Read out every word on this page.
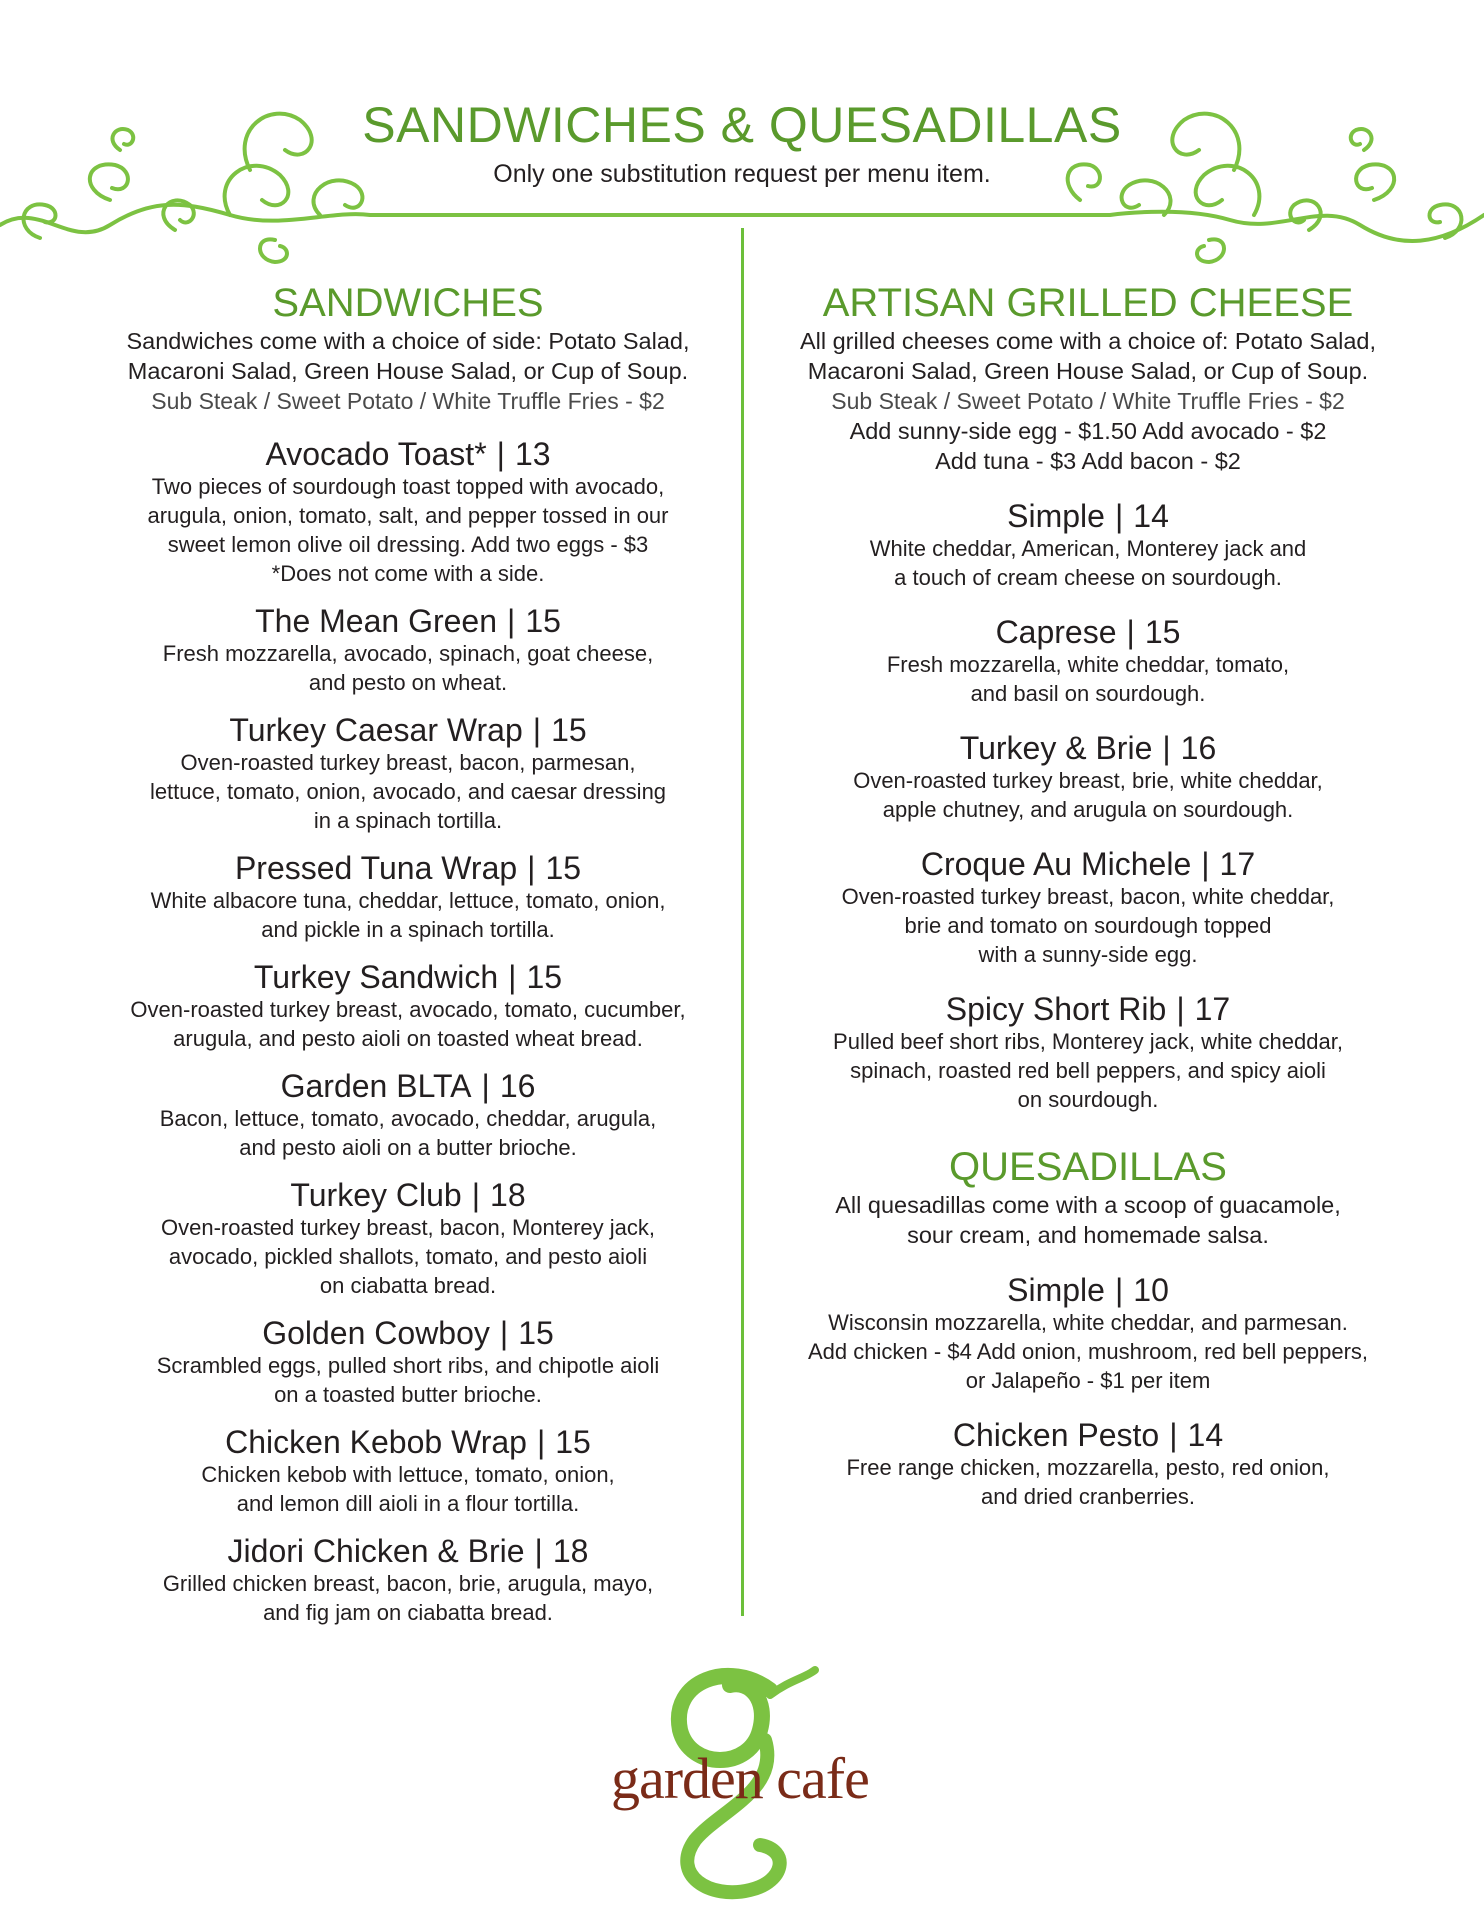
SANDWICHES & QUESADILLAS
Only one substitution request per menu item.
SANDWICHES
Sandwiches come with a choice of side: Potato Salad,
Macaroni Salad, Green House Salad, or Cup of Soup.
Sub Steak / Sweet Potato / White Truffle Fries - $2
Avocado Toast* | 13
Two pieces of sourdough toast topped with avocado,
arugula, onion, tomato, salt, and pepper tossed in our
sweet lemon olive oil dressing. Add two eggs - $3
*Does not come with a side.
The Mean Green | 15
Fresh mozzarella, avocado, spinach, goat cheese,
and pesto on wheat.
Turkey Caesar Wrap | 15
Oven-roasted turkey breast, bacon, parmesan,
lettuce, tomato, onion, avocado, and caesar dressing
in a spinach tortilla.
Pressed Tuna Wrap | 15
White albacore tuna, cheddar, lettuce, tomato, onion,
and pickle in a spinach tortilla.
Turkey Sandwich | 15
Oven-roasted turkey breast, avocado, tomato, cucumber,
arugula, and pesto aioli on toasted wheat bread.
Garden BLTA | 16
Bacon, lettuce, tomato, avocado, cheddar, arugula,
and pesto aioli on a butter brioche.
Turkey Club | 18
Oven-roasted turkey breast, bacon, Monterey jack,
avocado, pickled shallots, tomato, and pesto aioli
on ciabatta bread.
Golden Cowboy | 15
Scrambled eggs, pulled short ribs, and chipotle aioli
on a toasted butter brioche.
Chicken Kebob Wrap | 15
Chicken kebob with lettuce, tomato, onion,
and lemon dill aioli in a flour tortilla.
Jidori Chicken & Brie | 18
Grilled chicken breast, bacon, brie, arugula, mayo,
and fig jam on ciabatta bread.
ARTISAN GRILLED CHEESE
All grilled cheeses come with a choice of: Potato Salad,
Macaroni Salad, Green House Salad, or Cup of Soup.
Sub Steak / Sweet Potato / White Truffle Fries - $2
Add sunny-side egg - $1.50 Add avocado - $2
Add tuna - $3 Add bacon - $2
Simple | 14
White cheddar, American, Monterey jack and
a touch of cream cheese on sourdough.
Caprese | 15
Fresh mozzarella, white cheddar, tomato,
and basil on sourdough.
Turkey & Brie | 16
Oven-roasted turkey breast, brie, white cheddar,
apple chutney, and arugula on sourdough.
Croque Au Michele | 17
Oven-roasted turkey breast, bacon, white cheddar,
brie and tomato on sourdough topped
with a sunny-side egg.
Spicy Short Rib | 17
Pulled beef short ribs, Monterey jack, white cheddar,
spinach, roasted red bell peppers, and spicy aioli
on sourdough.
QUESADILLAS
All quesadillas come with a scoop of guacamole,
sour cream, and homemade salsa.
Simple | 10
Wisconsin mozzarella, white cheddar, and parmesan.
Add chicken - $4 Add onion, mushroom, red bell peppers,
or Jalapeño - $1 per item
Chicken Pesto | 14
Free range chicken, mozzarella, pesto, red onion,
and dried cranberries.
garden cafe
